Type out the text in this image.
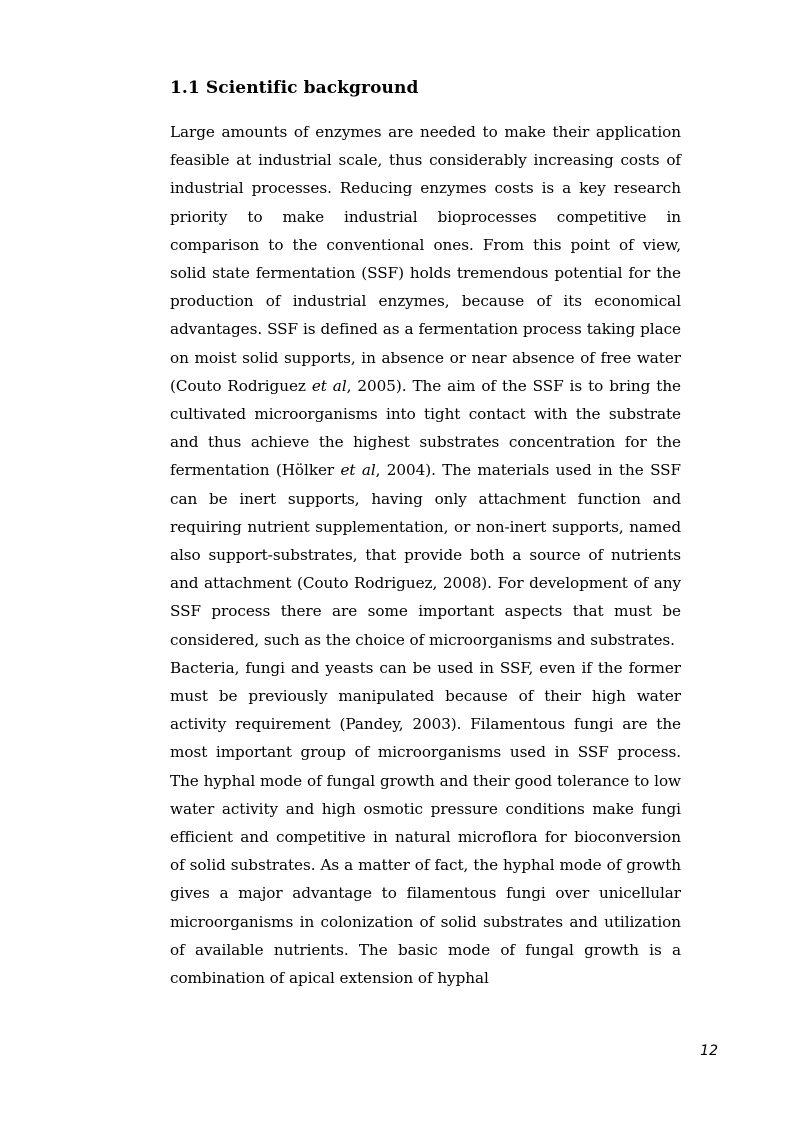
1.1 Scientific background

Large amounts of enzymes are needed to make their application feasible at industrial scale, thus considerably increasing costs of industrial processes. Reducing enzymes costs is a key research priority to make industrial bioprocesses competitive in comparison to the conventional ones. From this point of view, solid state fermentation (SSF) holds tremendous potential for the production of industrial enzymes, because of its economical advantages. SSF is defined as a fermentation process taking place on moist solid supports, in absence or near absence of free water (Couto Rodriguez et al, 2005). The aim of the SSF is to bring the cultivated microorganisms into tight contact with the substrate and thus achieve the highest substrates concentration for the fermentation (Hölker et al, 2004). The materials used in the SSF can be inert supports, having only attachment function and requiring nutrient supplementation, or non-inert supports, named also support-substrates, that provide both a source of nutrients and attachment (Couto Rodriguez, 2008). For development of any SSF process there are some important aspects that must be considered, such as the choice of microorganisms and substrates.

Bacteria, fungi and yeasts can be used in SSF, even if the former must be previously manipulated because of their high water activity requirement (Pandey, 2003). Filamentous fungi are the most important group of microorganisms used in SSF process. The hyphal mode of fungal growth and their good tolerance to low water activity and high osmotic pressure conditions make fungi efficient and competitive in natural microflora for bioconversion of solid substrates. As a matter of fact, the hyphal mode of growth gives a major advantage to filamentous fungi over unicellular microorganisms in colonization of solid substrates and utilization of available nutrients. The basic mode of fungal growth is a combination of apical extension of hyphal

12
